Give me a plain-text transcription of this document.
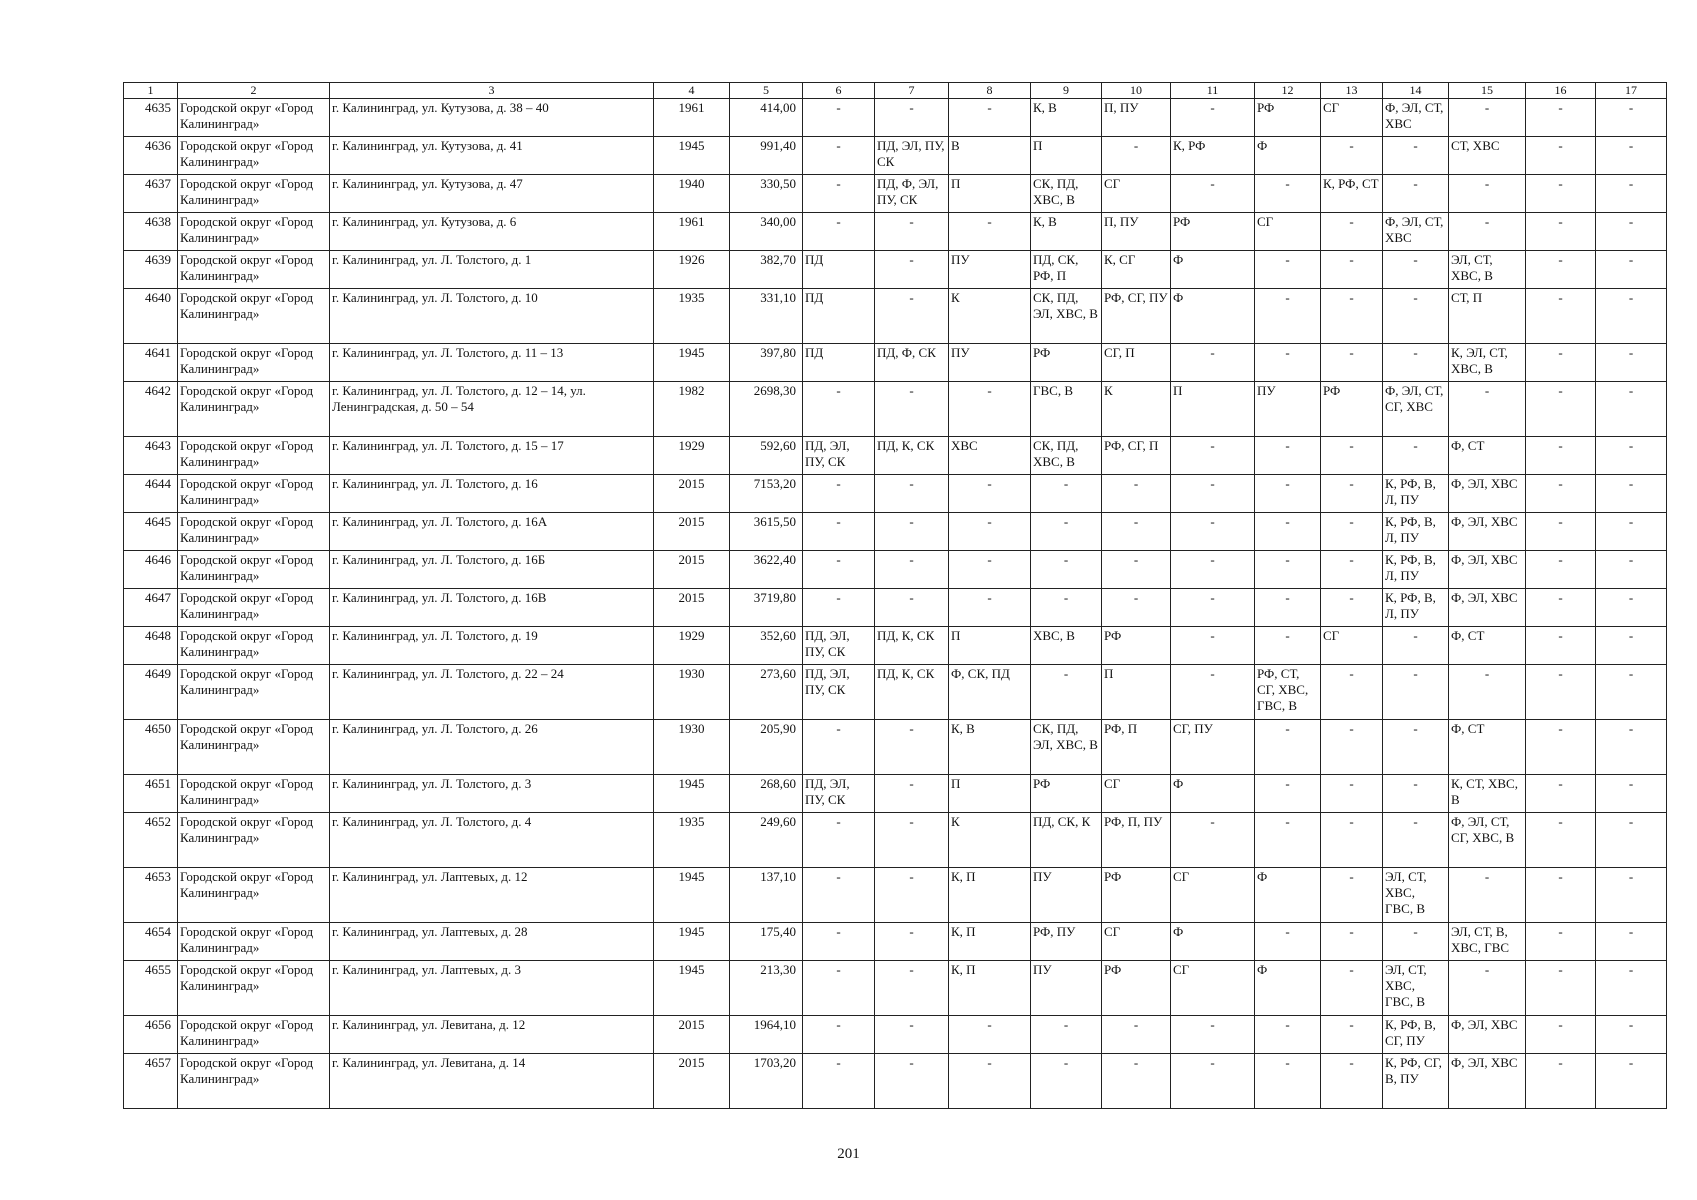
1	2	3	4	5	6	7	8	9	10	11	12	13	14	15	16	17
4635	Городской округ «Город Калининград»	г. Калининград, ул. Кутузова, д. 38 – 40	1961	414,00	-	-	-	К, В	П, ПУ	-	РФ	СГ	Ф, ЭЛ, СТ, ХВС	-	-	-
4636	Городской округ «Город Калининград»	г. Калининград, ул. Кутузова, д. 41	1945	991,40	-	ПД, ЭЛ, ПУ, СК	В	П	-	К, РФ	Ф	-	-	СТ, ХВС	-	-
4637	Городской округ «Город Калининград»	г. Калининград, ул. Кутузова, д. 47	1940	330,50	-	ПД, Ф, ЭЛ, ПУ, СК	П	СК, ПД, ХВС, В	СГ	-	-	К, РФ, СТ	-	-	-	-
4638	Городской округ «Город Калининград»	г. Калининград, ул. Кутузова, д. 6	1961	340,00	-	-	-	К, В	П, ПУ	РФ	СГ	-	Ф, ЭЛ, СТ, ХВС	-	-	-
4639	Городской округ «Город Калининград»	г. Калининград, ул. Л. Толстого, д. 1	1926	382,70	ПД	-	ПУ	ПД, СК, РФ, П	К, СГ	Ф	-	-	-	ЭЛ, СТ, ХВС, В	-	-
4640	Городской округ «Город Калининград»	г. Калининград, ул. Л. Толстого, д. 10	1935	331,10	ПД	-	К	СК, ПД, ЭЛ, ХВС, В	РФ, СГ, ПУ	Ф	-	-	-	СТ, П	-	-
4641	Городской округ «Город Калининград»	г. Калининград, ул. Л. Толстого, д. 11 – 13	1945	397,80	ПД	ПД, Ф, СК	ПУ	РФ	СГ, П	-	-	-	-	К, ЭЛ, СТ, ХВС, В	-	-
4642	Городской округ «Город Калининград»	г. Калининград, ул. Л. Толстого, д. 12 – 14, ул. Ленинградская, д. 50 – 54	1982	2698,30	-	-	-	ГВС, В	К	П	ПУ	РФ	Ф, ЭЛ, СТ, СГ, ХВС	-	-	-
4643	Городской округ «Город Калининград»	г. Калининград, ул. Л. Толстого, д. 15 – 17	1929	592,60	ПД, ЭЛ, ПУ, СК	ПД, К, СК	ХВС	СК, ПД, ХВС, В	РФ, СГ, П	-	-	-	-	Ф, СТ	-	-
4644	Городской округ «Город Калининград»	г. Калининград, ул. Л. Толстого, д. 16	2015	7153,20	-	-	-	-	-	-	-	-	К, РФ, В, Л, ПУ	Ф, ЭЛ, ХВС	-	-
4645	Городской округ «Город Калининград»	г. Калининград, ул. Л. Толстого, д. 16А	2015	3615,50	-	-	-	-	-	-	-	-	К, РФ, В, Л, ПУ	Ф, ЭЛ, ХВС	-	-
4646	Городской округ «Город Калининград»	г. Калининград, ул. Л. Толстого, д. 16Б	2015	3622,40	-	-	-	-	-	-	-	-	К, РФ, В, Л, ПУ	Ф, ЭЛ, ХВС	-	-
4647	Городской округ «Город Калининград»	г. Калининград, ул. Л. Толстого, д. 16В	2015	3719,80	-	-	-	-	-	-	-	-	К, РФ, В, Л, ПУ	Ф, ЭЛ, ХВС	-	-
4648	Городской округ «Город Калининград»	г. Калининград, ул. Л. Толстого, д. 19	1929	352,60	ПД, ЭЛ, ПУ, СК	ПД, К, СК	П	ХВС, В	РФ	-	-	СГ	-	Ф, СТ	-	-
4649	Городской округ «Город Калининград»	г. Калининград, ул. Л. Толстого, д. 22 – 24	1930	273,60	ПД, ЭЛ, ПУ, СК	ПД, К, СК	Ф, СК, ПД	-	П	-	РФ, СТ, СГ, ХВС, ГВС, В	-	-	-	-	-
4650	Городской округ «Город Калининград»	г. Калининград, ул. Л. Толстого, д. 26	1930	205,90	-	-	К, В	СК, ПД, ЭЛ, ХВС, В	РФ, П	СГ, ПУ	-	-	-	Ф, СТ	-	-
4651	Городской округ «Город Калининград»	г. Калининград, ул. Л. Толстого, д. 3	1945	268,60	ПД, ЭЛ, ПУ, СК	-	П	РФ	СГ	Ф	-	-	-	К, СТ, ХВС, В	-	-
4652	Городской округ «Город Калининград»	г. Калининград, ул. Л. Толстого, д. 4	1935	249,60	-	-	К	ПД, СК, К	РФ, П, ПУ	-	-	-	-	Ф, ЭЛ, СТ, СГ, ХВС, В	-	-
4653	Городской округ «Город Калининград»	г. Калининград, ул. Лаптевых, д. 12	1945	137,10	-	-	К, П	ПУ	РФ	СГ	Ф	-	ЭЛ, СТ, ХВС, ГВС, В	-	-	-
4654	Городской округ «Город Калининград»	г. Калининград, ул. Лаптевых, д. 28	1945	175,40	-	-	К, П	РФ, ПУ	СГ	Ф	-	-	-	ЭЛ, СТ, В, ХВС, ГВС	-	-
4655	Городской округ «Город Калининград»	г. Калининград, ул. Лаптевых, д. 3	1945	213,30	-	-	К, П	ПУ	РФ	СГ	Ф	-	ЭЛ, СТ, ХВС, ГВС, В	-	-	-
4656	Городской округ «Город Калининград»	г. Калининград, ул. Левитана, д. 12	2015	1964,10	-	-	-	-	-	-	-	-	К, РФ, В, СГ, ПУ	Ф, ЭЛ, ХВС	-	-
4657	Городской округ «Город Калининград»	г. Калининград, ул. Левитана, д. 14	2015	1703,20	-	-	-	-	-	-	-	-	К, РФ, СГ, В, ПУ	Ф, ЭЛ, ХВС	-	-
201
